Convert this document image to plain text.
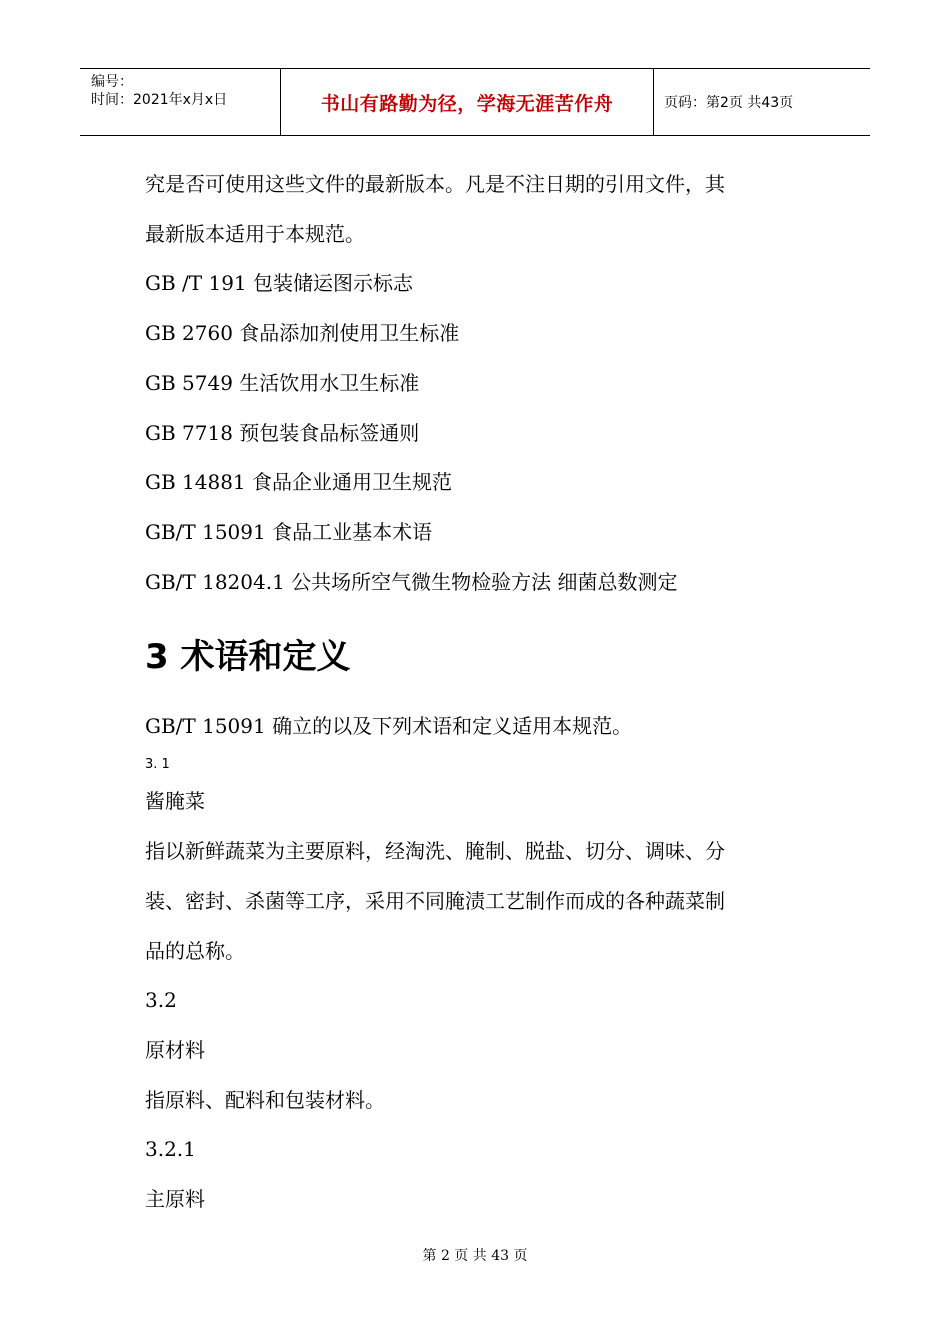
编号：
时间：2021年x月x日	书山有路勤为径，学海无涯苦作舟	页码：第2页 共43页
究是否可使用这些文件的最新版本。凡是不注日期的引用文件，其
最新版本适用于本规范。
GB /T 191 包装储运图示标志
GB 2760 食品添加剂使用卫生标准
GB 5749 生活饮用水卫生标准
GB 7718 预包装食品标签通则
GB 14881 食品企业通用卫生规范
GB/T 15091 食品工业基本术语
GB/T 18204.1 公共场所空气微生物检验方法 细菌总数测定
3 术语和定义
GB/T 15091 确立的以及下列术语和定义适用本规范。
3. 1
酱腌菜
指以新鲜蔬菜为主要原料，经淘洗、腌制、脱盐、切分、调味、分
装、密封、杀菌等工序，采用不同腌渍工艺制作而成的各种蔬菜制
品的总称。
3.2
原材料
指原料、配料和包装材料。
3.2.1
主原料
第 2 页 共 43 页
